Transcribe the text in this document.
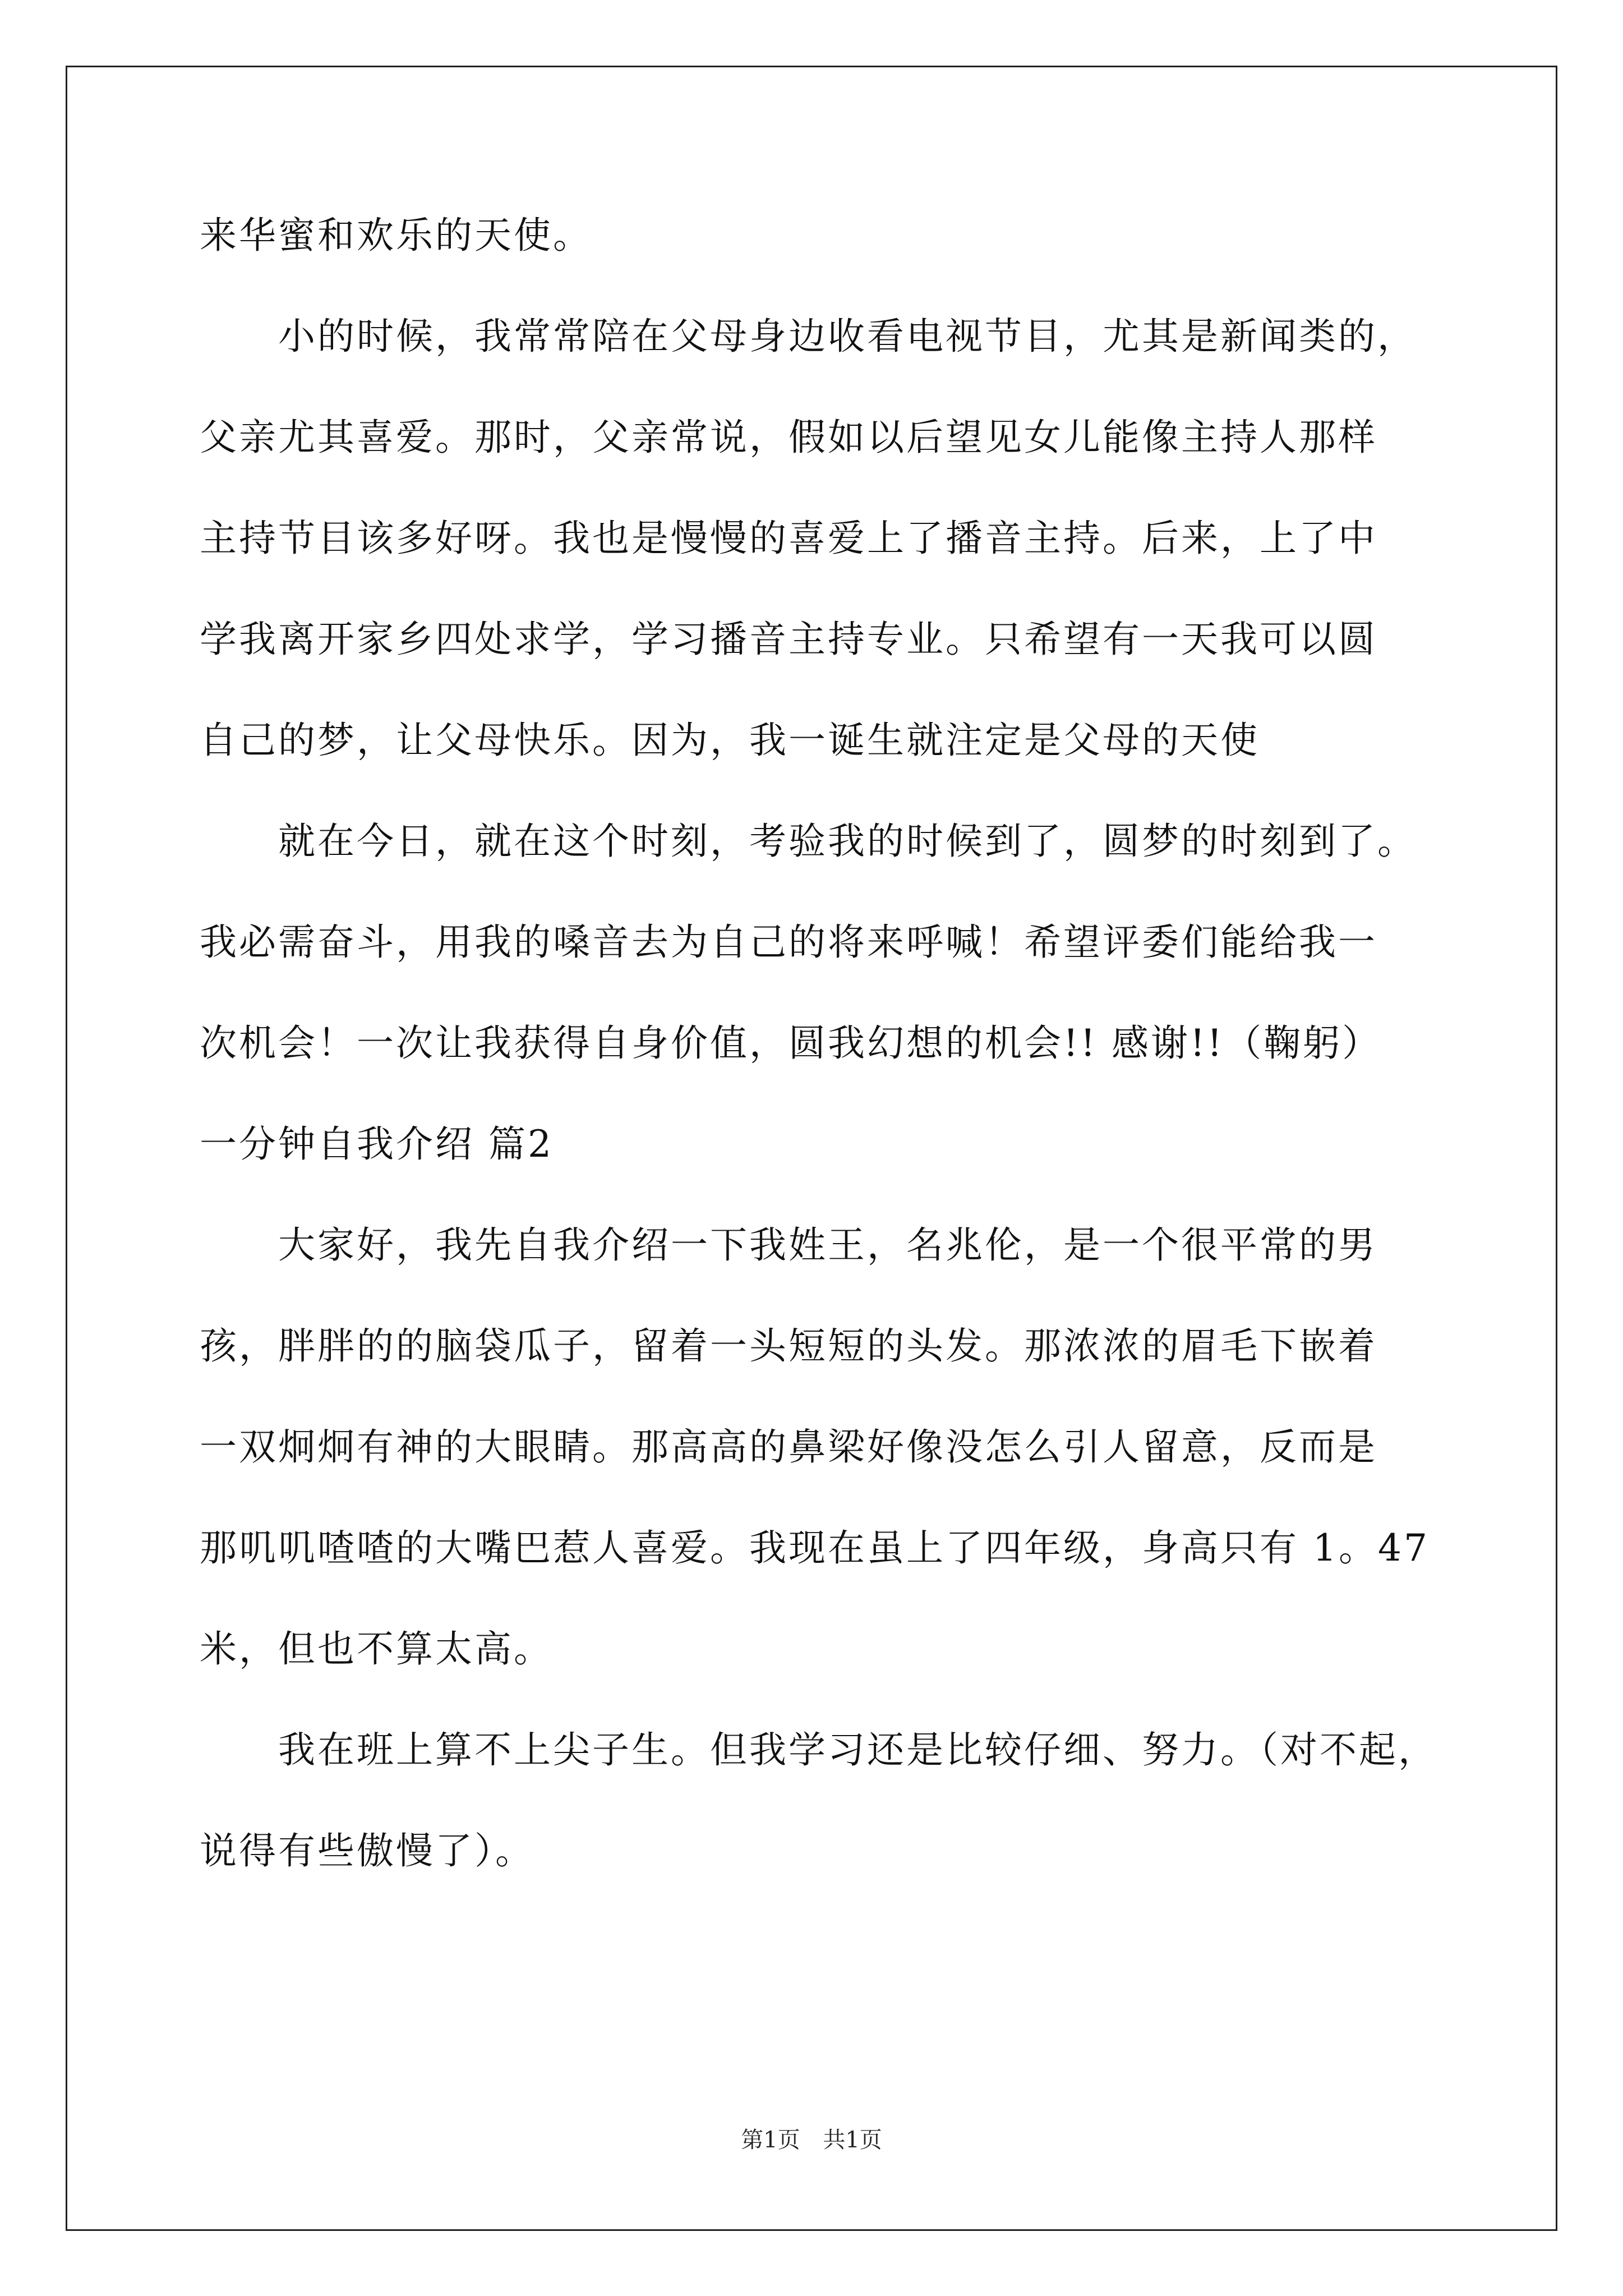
来华蜜和欢乐的天使。
　　小的时候，我常常陪在父母身边收看电视节目，尤其是新闻类的，
父亲尤其喜爱。那时，父亲常说，假如以后望见女儿能像主持人那样
主持节目该多好呀。我也是慢慢的喜爱上了播音主持。后来，上了中
学我离开家乡四处求学，学习播音主持专业。只希望有一天我可以圆
自己的梦，让父母快乐。因为，我一诞生就注定是父母的天使
　　就在今日，就在这个时刻，考验我的时候到了，圆梦的时刻到了。
我必需奋斗，用我的嗓音去为自己的将来呼喊！希望评委们能给我一
次机会！一次让我获得自身价值，圆我幻想的机会!! 感谢!!（鞠躬）
一分钟自我介绍 篇2
　　大家好，我先自我介绍一下我姓王，名兆伦，是一个很平常的男
孩，胖胖的的脑袋瓜子，留着一头短短的头发。那浓浓的眉毛下嵌着
一双炯炯有神的大眼睛。那高高的鼻梁好像没怎么引人留意，反而是
那叽叽喳喳的大嘴巴惹人喜爱。我现在虽上了四年级，身高只有 1。47
米，但也不算太高。
　　我在班上算不上尖子生。但我学习还是比较仔细、努力。（对不起，
说得有些傲慢了）。
第1页 共1页
